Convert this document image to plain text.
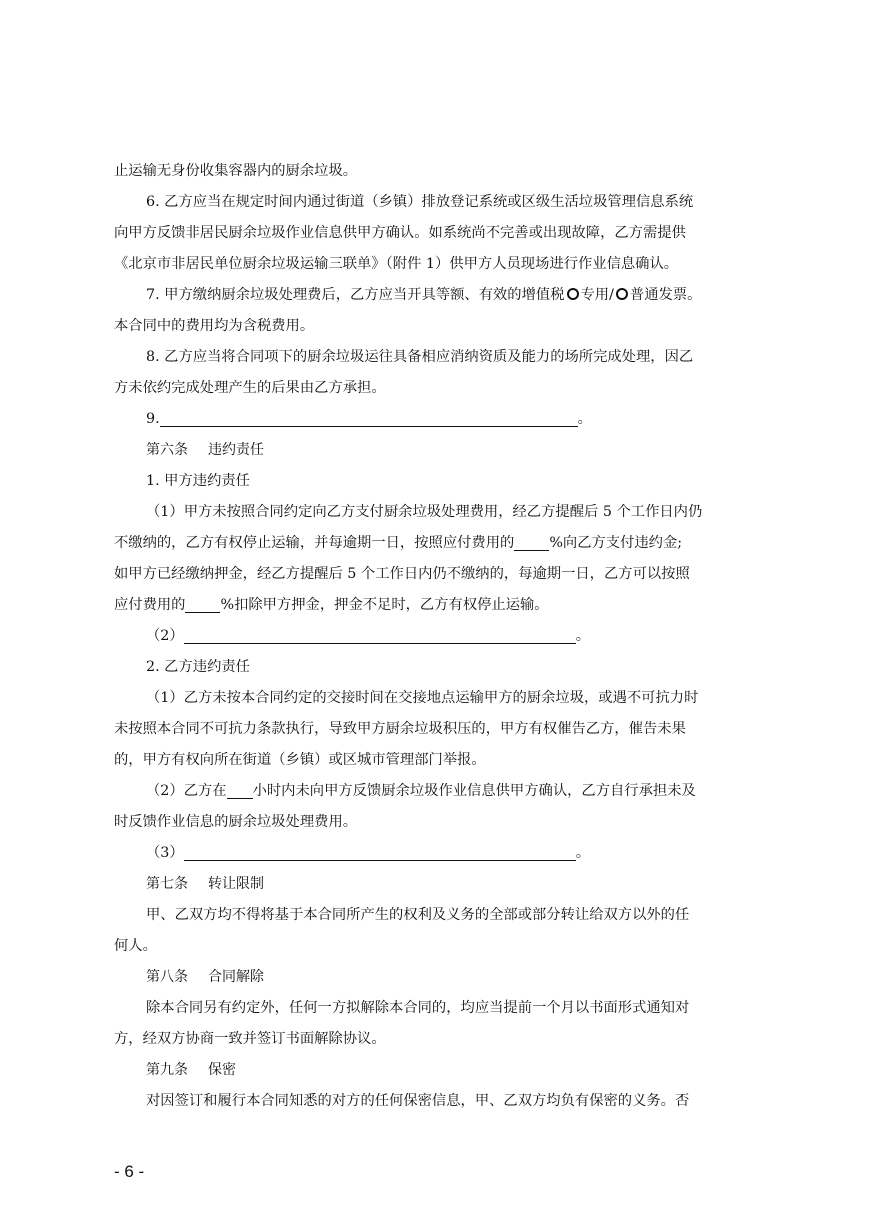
止运输无身份收集容器内的厨余垃圾。
6. 乙方应当在规定时间内通过街道（乡镇）排放登记系统或区级生活垃圾管理信息系统
向甲方反馈非居民厨余垃圾作业信息供甲方确认。如系统尚不完善或出现故障，乙方需提供
《北京市非居民单位厨余垃圾运输三联单》（附件 1）供甲方人员现场进行作业信息确认。
7. 甲方缴纳厨余垃圾处理费后，乙方应当开具等额、有效的增值税 专用/ 普通发票。
本合同中的费用均为含税费用。
8. 乙方应当将合同项下的厨余垃圾运往具备相应消纳资质及能力的场所完成处理，因乙
方未依约完成处理产生的后果由乙方承担。
9.	。
第六条 违约责任
1. 甲方违约责任
（1）甲方未按照合同约定向乙方支付厨余垃圾处理费用，经乙方提醒后 5 个工作日内仍
不缴纳的，乙方有权停止运输，并每逾期一日，按照应付费用的 %向乙方支付违约金;
如甲方已经缴纳押金，经乙方提醒后 5 个工作日内仍不缴纳的，每逾期一日，乙方可以按照
应付费用的 %扣除甲方押金，押金不足时，乙方有权停止运输。
（2）	。
2. 乙方违约责任
（1）乙方未按本合同约定的交接时间在交接地点运输甲方的厨余垃圾，或遇不可抗力时
未按照本合同不可抗力条款执行，导致甲方厨余垃圾积压的，甲方有权催告乙方，催告未果
的，甲方有权向所在街道（乡镇）或区城市管理部门举报。
（2）乙方在 小时内未向甲方反馈厨余垃圾作业信息供甲方确认，乙方自行承担未及
时反馈作业信息的厨余垃圾处理费用。
（3）	。
第七条 转让限制
甲、乙双方均不得将基于本合同所产生的权利及义务的全部或部分转让给双方以外的任
何人。
第八条 合同解除
除本合同另有约定外，任何一方拟解除本合同的，均应当提前一个月以书面形式通知对
方，经双方协商一致并签订书面解除协议。
第九条 保密
对因签订和履行本合同知悉的对方的任何保密信息，甲、乙双方均负有保密的义务。否
- 6 -
